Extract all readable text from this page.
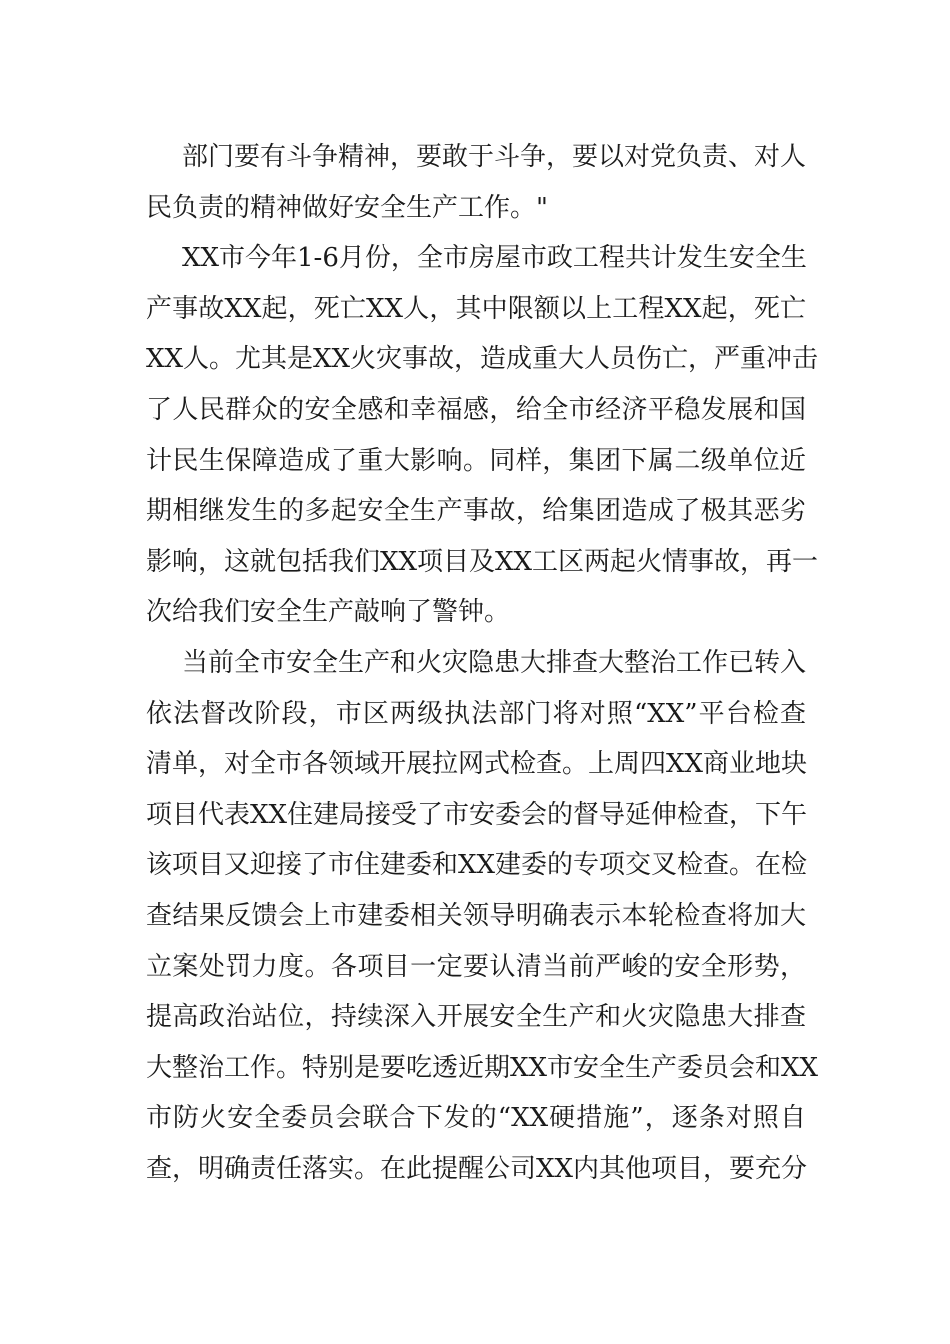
部门要有斗争精神，要敢于斗争，要以对党负责、对人
民负责的精神做好安全生产工作。"
XX市今年1-6月份，全市房屋市政工程共计发生安全生
产事故XX起，死亡XX人，其中限额以上工程XX起，死亡
XX人。尤其是XX火灾事故，造成重大人员伤亡，严重冲击
了人民群众的安全感和幸福感，给全市经济平稳发展和国
计民生保障造成了重大影响。同样，集团下属二级单位近
期相继发生的多起安全生产事故，给集团造成了极其恶劣
影响，这就包括我们XX项目及XX工区两起火情事故，再一
次给我们安全生产敲响了警钟。
当前全市安全生产和火灾隐患大排查大整治工作已转入
依法督改阶段，市区两级执法部门将对照“XX”平台检查
清单，对全市各领域开展拉网式检查。上周四XX商业地块
项目代表XX住建局接受了市安委会的督导延伸检查，下午
该项目又迎接了市住建委和XX建委的专项交叉检查。在检
查结果反馈会上市建委相关领导明确表示本轮检查将加大
立案处罚力度。各项目一定要认清当前严峻的安全形势，
提高政治站位，持续深入开展安全生产和火灾隐患大排查
大整治工作。特别是要吃透近期XX市安全生产委员会和XX
市防火安全委员会联合下发的“XX硬措施”，逐条对照自
查，明确责任落实。在此提醒公司XX内其他项目，要充分
